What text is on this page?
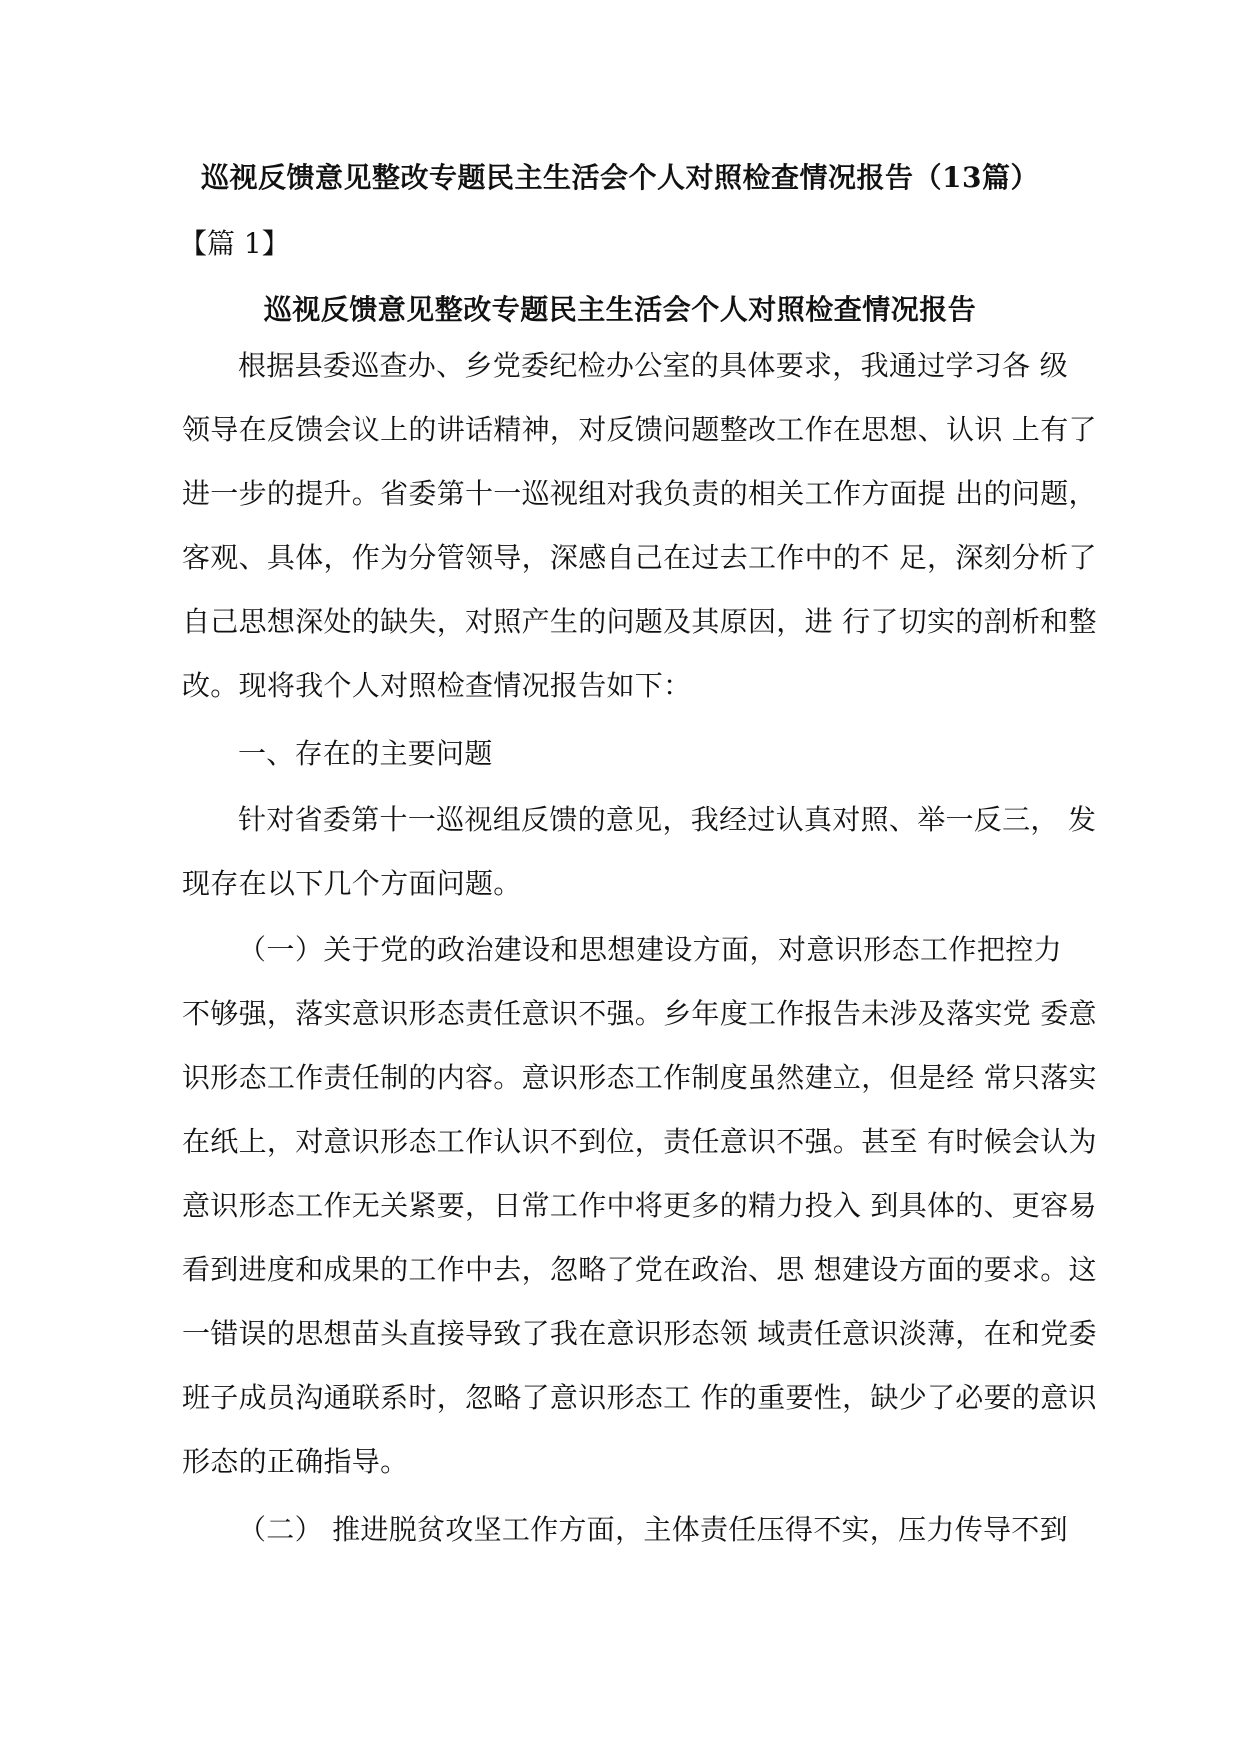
巡视反馈意见整改专题民主生活会个人对照检查情况报告（13篇）
【篇 1】
巡视反馈意见整改专题民主生活会个人对照检查情况报告
根据县委巡查办、乡党委纪检办公室的具体要求，我通过学习各 级
领导在反馈会议上的讲话精神，对反馈问题整改工作在思想、认识 上有了
进一步的提升。省委第十一巡视组对我负责的相关工作方面提 出的问题，
客观、具体，作为分管领导，深感自己在过去工作中的不 足，深刻分析了
自己思想深处的缺失，对照产生的问题及其原因，进 行了切实的剖析和整
改。现将我个人对照检查情况报告如下：
一、存在的主要问题
针对省委第十一巡视组反馈的意见，我经过认真对照、举一反三， 发
现存在以下几个方面问题。
（一）关于党的政治建设和思想建设方面，对意识形态工作把控力
不够强，落实意识形态责任意识不强。乡年度工作报告未涉及落实党 委意
识形态工作责任制的内容。意识形态工作制度虽然建立，但是经 常只落实
在纸上，对意识形态工作认识不到位，责任意识不强。甚至 有时候会认为
意识形态工作无关紧要，日常工作中将更多的精力投入 到具体的、更容易
看到进度和成果的工作中去，忽略了党在政治、思 想建设方面的要求。这
一错误的思想苗头直接导致了我在意识形态领 域责任意识淡薄，在和党委
班子成员沟通联系时，忽略了意识形态工 作的重要性，缺少了必要的意识
形态的正确指导。
（二） 推进脱贫攻坚工作方面，主体责任压得不实，压力传导不到
